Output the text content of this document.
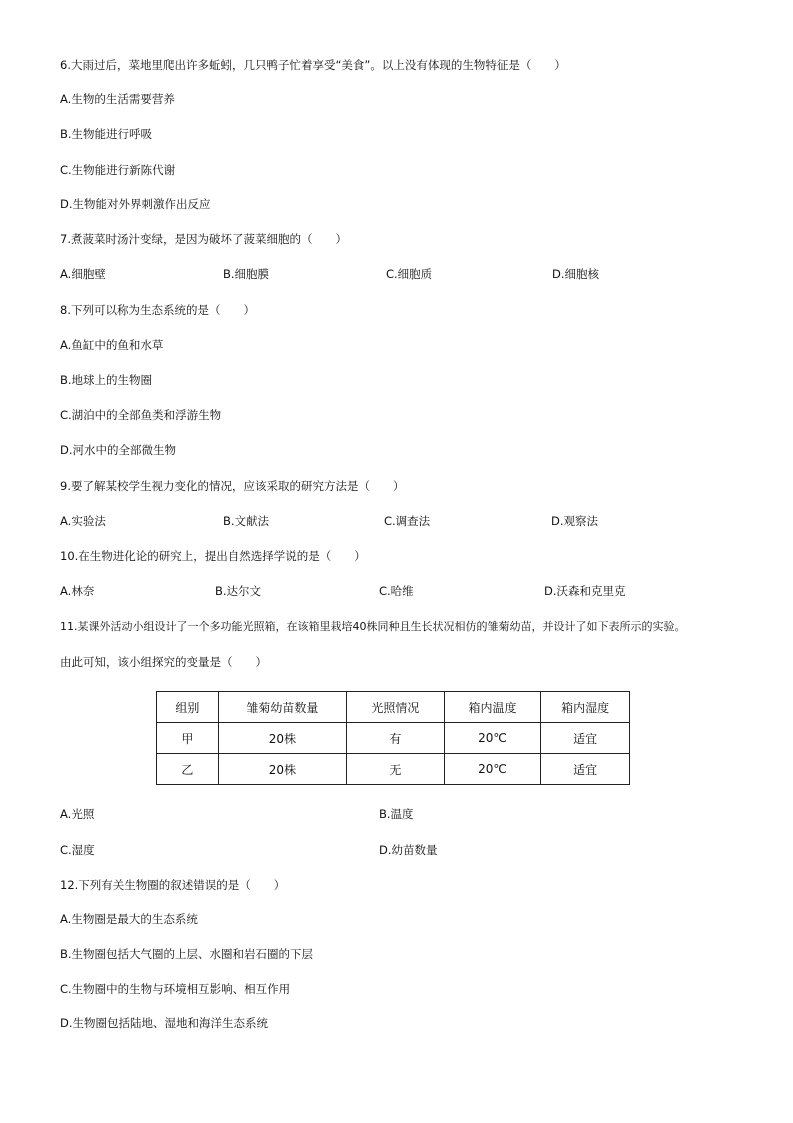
6.大雨过后，菜地里爬出许多蚯蚓，几只鸭子忙着享受“美食”。以上没有体现的生物特征是（　　）
A.生物的生活需要营养
B.生物能进行呼吸
C.生物能进行新陈代谢
D.生物能对外界刺激作出反应
7.煮菠菜时汤汁变绿，是因为破坏了菠菜细胞的（　　）
A.细胞壁	B.细胞膜	C.细胞质	D.细胞核
8.下列可以称为生态系统的是（　　）
A.鱼缸中的鱼和水草
B.地球上的生物圈
C.湖泊中的全部鱼类和浮游生物
D.河水中的全部微生物
9.要了解某校学生视力变化的情况，应该采取的研究方法是（　　）
A.实验法	B.文献法	C.调查法	D.观察法
10.在生物进化论的研究上，提出自然选择学说的是（　　）
A.林奈	B.达尔文	C.哈维	D.沃森和克里克
11.某课外活动小组设计了一个多功能光照箱，在该箱里栽培40株同种且生长状况相仿的雏菊幼苗，并设计了如下表所示的实验。
由此可知，该小组探究的变量是（　　）
组别	雏菊幼苗数量	光照情况	箱内温度	箱内湿度
甲	20株	有	20℃	适宜
乙	20株	无	20℃	适宜
A.光照	B.温度
C.湿度	D.幼苗数量
12.下列有关生物圈的叙述错误的是（　　）
A.生物圈是最大的生态系统
B.生物圈包括大气圈的上层、水圈和岩石圈的下层
C.生物圈中的生物与环境相互影响、相互作用
D.生物圈包括陆地、湿地和海洋生态系统
